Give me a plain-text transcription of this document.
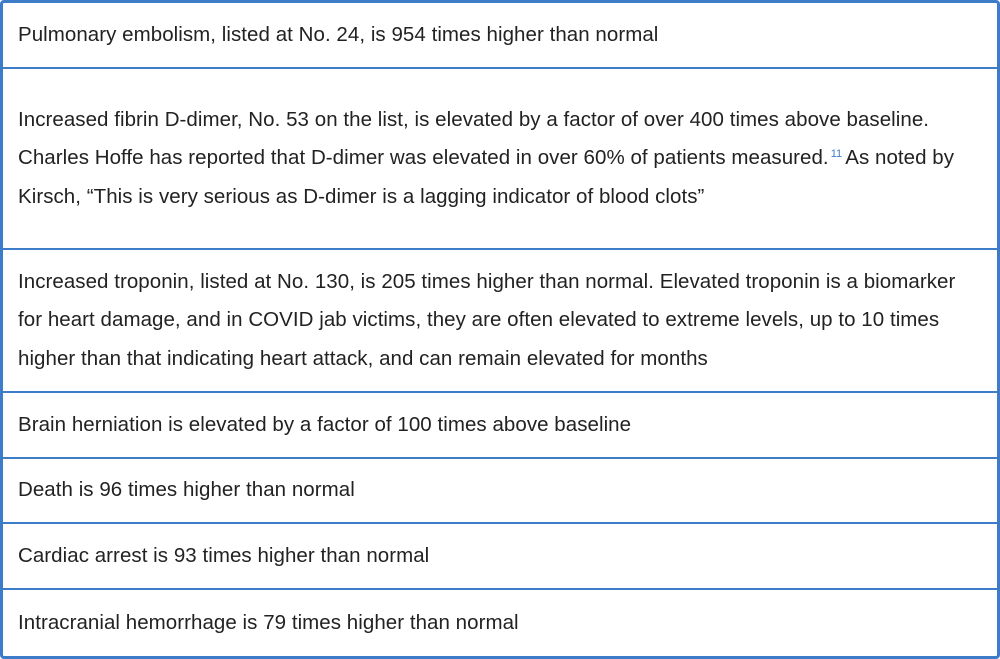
Pulmonary embolism, listed at No. 24, is 954 times higher than normal
Increased fibrin D-dimer, No. 53 on the list, is elevated by a factor of over 400 times above baseline. Charles Hoffe has reported that D-dimer was elevated in over 60% of patients measured. $^{11}$ As noted by Kirsch, “This is very serious as D-dimer is a lagging indicator of blood clots”
Increased troponin, listed at No. 130, is 205 times higher than normal. Elevated troponin is a biomarker for heart damage, and in COVID jab victims, they are often elevated to extreme levels, up to 10 times higher than that indicating heart attack, and can remain elevated for months
Brain herniation is elevated by a factor of 100 times above baseline
Death is 96 times higher than normal
Cardiac arrest is 93 times higher than normal
Intracranial hemorrhage is 79 times higher than normal
